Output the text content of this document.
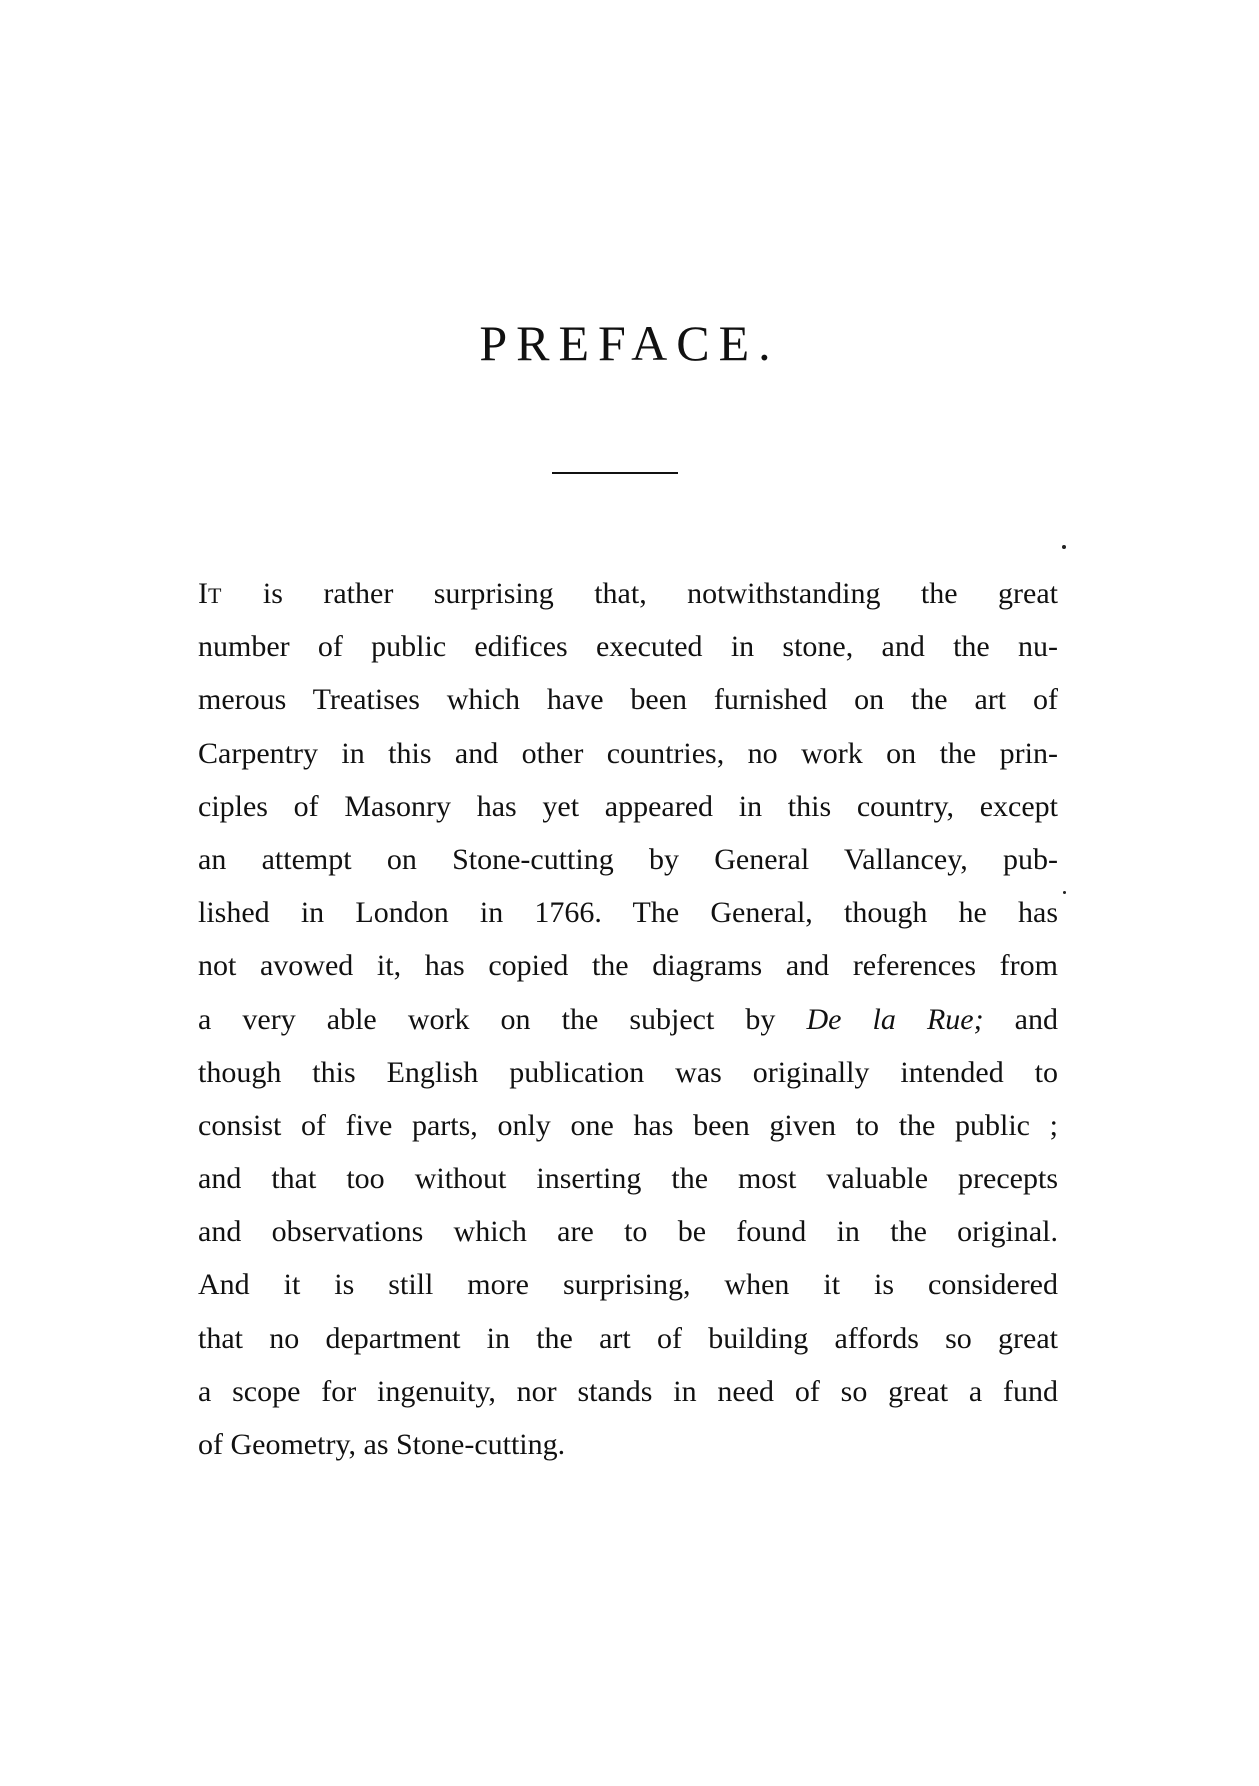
PREFACE.
IT is rather surprising that, notwithstanding the great
number of public edifices executed in stone, and the nu-
merous Treatises which have been furnished on the art of
Carpentry in this and other countries, no work on the prin-
ciples of Masonry has yet appeared in this country, except
an attempt on Stone-cutting by General Vallancey, pub-
lished in London in 1766. The General, though he has
not avowed it, has copied the diagrams and references from
a very able work on the subject by De la Rue; and
though this English publication was originally intended to
consist of five parts, only one has been given to the public ;
and that too without inserting the most valuable precepts
and observations which are to be found in the original.
And it is still more surprising, when it is considered
that no department in the art of building affords so great
a scope for ingenuity, nor stands in need of so great a fund
of Geometry, as Stone-cutting.
